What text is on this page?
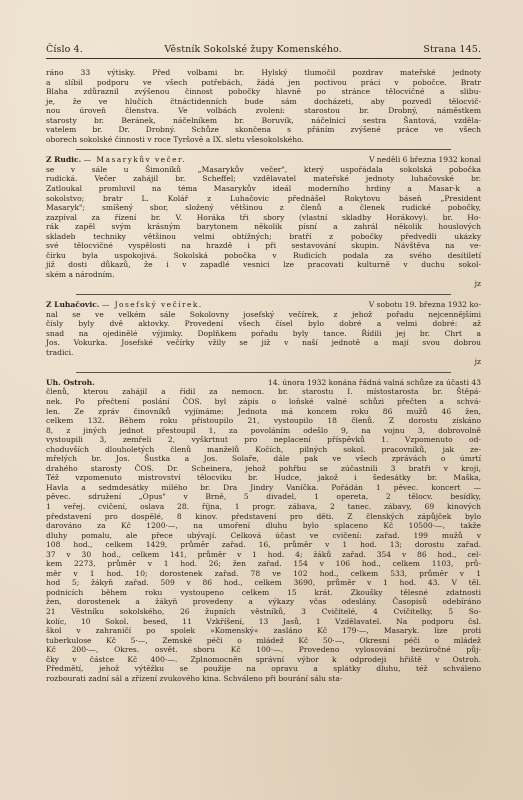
Číslo 4.	Věstník Sokolské župy Komenského.	Strana 145.
ráno 33 výtisky. Před volbami br. Hylský tlumočil pozdrav mateřské jednoty
a slíbil podporu ve všech potřebách, žádá jen poctivou práci v pobočce. Bratr
Blaha zdůraznil zvýšenou činnost pobočky hlavně po stránce tělocvičné a slibu-
je, že ve hlučích čtnáctidenních bude sám docházeti, aby pozvedl tělocvič-
nou úroveň členstva. Ve volbách zvoleni: starostou br. Drobný, náměstkem
starosty br. Beránek, náčelníkem br. Boruvík, náčelnicí sestra Šantová, vzděla-
vatelem br. Dr. Drobný. Schůze skončena s přáním zvýšené práce ve všech
oborech sokolské činnosti v roce Tyršově a IX. sletu všesokolského.
Z Rudic. — Masarykův večer.	V neděli 6 března 1932 konal
se v sále u Šimoníků „Masarykův večer", který uspořádala sokolská pobočka
rudická. Večer zahájil br. Scheffel; vzdělavatel mateřské jednoty luhačovské br.
Zatloukal promluvil na téma Masarykův ideál moderního hrdiny a Masar-k a
sokolstvo; bratr L. Kolář z Luhačovic přednášel Rokytovu báseň „President
Masaryk"; smíšený sbor, složený většinou z členů a členek rudické pobočky,
zazpíval za řízení br. V. Horáka tři sbory (vlastní skladby Horákovy). br. Ho-
rák zapěl svým krásným barytonem několik písní a zahrál několik houslových
skladeb techniky většinou velmi obtížných; bratří z pobočky předvedli ukázky
své tělocvičné vyspělosti na hrazdě i při sestavování skupin. Návštěva na ve-
čírku byla uspokojivá. Sokolská pobočka v Rudicích podala za svého desítiletí
již dosti důkazů, že i v zapadlé vesnici lze pracovati kulturně v duchu sokol-
ském a národním.
jz
Z Luhačovic. — Josefský večírek.	V sobotu 19. března 1932 ko-
nal se ve velkém sále Sokolovny josefský večírek, z jehož pořadu nejcennějšími
čísly byly dvě aktovky. Provedení všech čísel bylo dobré a velmi dobré: až
snad na ojedinělé výjimky. Doplňkem pořadu byly tance. Řídili jej br. Chrt a
Jos. Vokurka. Josefské večírky vžily se již v naší jednotě a mají svou dobrou
tradici.
jz
Uh. Ostroh.	14. února 1932 konána řádná valná schůze za účasti 43
členů, kterou zahájil a řídil za nemocn. br. starostu I. místostarosta br. Štěpá-
nek. Po přečtení poslání ČOS. byl zápis o loňské valné schůzi přečten a schvá-
len. Ze zpráv činovníků vyjímáme: Jednota má koncem roku 86 mužů 46 žen,
celkem 132. Během roku přistoupilo 21, vystoupilo 18 členů. Z dorostu získáno
8, z jiných jednot přestoupil 1, za povoláním odešlo 9, na vojnu 3, dobrovolně
vystoupili 3, zemřeli 2, vyškrtnut pro neplacení příspěvků 1. Vzpomenuto od-
choduvších dlouholetých členů manželů Kočích, pilných sokol. pracovníků, jak ze-
mřelých br. Jos. Šustka a Jos. Solaře, dále pak ve všech zprávách o úmrtí
drahého starosty ČOS. Dr. Scheinera, jehož pohřbu se zúčastnili 3 bratři v kroji,
Též vzpomenuto mistrovství tělocviku br. Hudce, jakož i šedesátky br. Maška,
Havla a sedmdesátky milého br. Dra Jindry Vaníčka. Pořádán 1 pěvec. koncert —
pěvec. sdružení „Opus" v Brně, 5 divadel, 1 opereta, 2 tělocv. besídky,
1 veřej. cvičení, oslava 28. října, 1 progr. zábava, 2 tanec. zábavy, 69 kinových
představení pro dospělé, 8 kinov. představení pro děti. Z členských zápůjček bylo
darováno za Kč 1200·—, na umoření dluhu bylo splaceno Kč 10500·—, takže
dluhy pomalu, ale přece ubývají. Celková účast ve cvičení: zařad. 199 mužů v
108 hod., celkem 1429, průměr zařad. 16, průměr v 1 hod. 13; dorostu zařad.
37 v 30 hod., celkem 141, průměr v 1 hod. 4; žáků zařad. 354 v 86 hod., cel-
kem 2273, průměr v 1 hod. 26; žen zařad. 154 v 106 hod., celkem 1103, prů-
měr v 1 hod. 10; dorostenek zařad. 78 ve 102 hod., celkem 533, průměr v 1
hod 5; žákyň zařad. 509 v 86 hod., celkem 3690, průměr v 1 hod. 43. V těl.
podnicích během roku vystoupeno celkem 15 krát. Zkoušky tělesné zdatnosti
žen, dorostenek a žákyň provedeny a výkazy včas odeslány. Časopisů odebíráno
21 Věstníku sokolského, 26 župních věstníků, 3 Cvičitelé, 4 Cvičitelky, 5 So-
kolíc, 10 Sokol. besed, 11 Vzkříšení, 13 Jasů, 1 Vzdělavatel. Na podporu čsl.
škol v zahraničí po spolek »Komenský« zasláno Kč 179·—, Masaryk. lize proti
tuberkulose Kč 5·—, Zemské péči o mládež Kč 50·—, Okresní péči o mládež
Kč 200·—, Okres. osvět. sboru Kč 100·—. Provedeno vylosování bezúročné půj-
čky v částce Kč 400·—. Zplnomocněn správní výbor k odprodeji hřiště v Ostroh.
Předmětí, jehož výtěžku se použije na opravu a splátky dluhu, též schváleno
rozbourati zadní sál a zřízení zvukového kina. Schváleno při bourání sálu sta-
